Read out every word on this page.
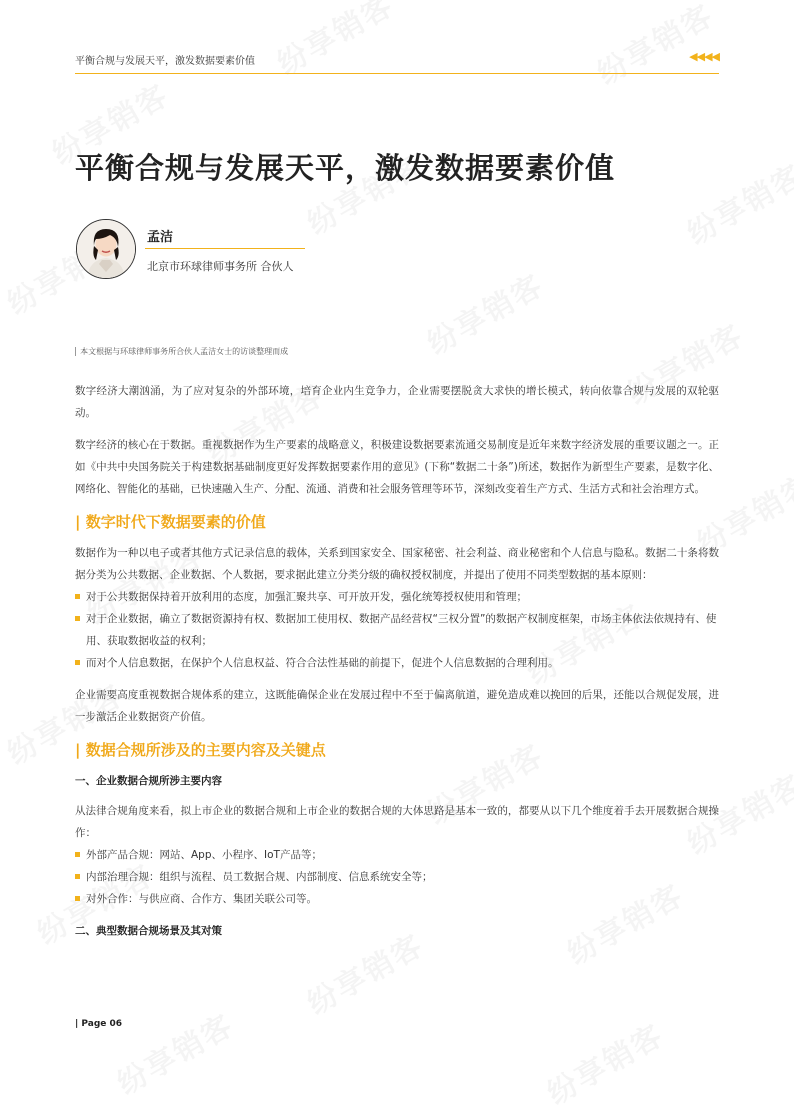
平衡合规与发展天平，激发数据要素价值	◀◀◀◀
平衡合规与发展天平，激发数据要素价值
孟洁
北京市环球律师事务所 合伙人
本文根据与环球律师事务所合伙人孟洁女士的访谈整理而成

数字经济大潮汹涌，为了应对复杂的外部环境，培育企业内生竞争力，企业需要摆脱贪大求快的增长模式，转向依靠合规与发展的双轮驱动。

数字经济的核心在于数据。重视数据作为生产要素的战略意义，积极建设数据要素流通交易制度是近年来数字经济发展的重要议题之一。正如《中共中央国务院关于构建数据基础制度更好发挥数据要素作用的意见》(下称“数据二十条”)所述，数据作为新型生产要素，是数字化、网络化、智能化的基础，已快速融入生产、分配、流通、消费和社会服务管理等环节，深刻改变着生产方式、生活方式和社会治理方式。

| 数字时代下数据要素的价值

数据作为一种以电子或者其他方式记录信息的载体，关系到国家安全、国家秘密、社会利益、商业秘密和个人信息与隐私。数据二十条将数据分类为公共数据、企业数据、个人数据，要求据此建立分类分级的确权授权制度，并提出了使用不同类型数据的基本原则：

对于公共数据保持着开放利用的态度，加强汇聚共享、可开放开发，强化统筹授权使用和管理；
对于企业数据，确立了数据资源持有权、数据加工使用权、数据产品经营权“三权分置”的数据产权制度框架，市场主体依法依规持有、使用、获取数据收益的权利；
而对个人信息数据，在保护个人信息权益、符合合法性基础的前提下，促进个人信息数据的合理利用。

企业需要高度重视数据合规体系的建立，这既能确保企业在发展过程中不至于偏离航道，避免造成难以挽回的后果，还能以合规促发展，进一步激活企业数据资产价值。

| 数据合规所涉及的主要内容及关键点
一、企业数据合规所涉主要内容

从法律合规角度来看，拟上市企业的数据合规和上市企业的数据合规的大体思路是基本一致的，都要从以下几个维度着手去开展数据合规操作：

外部产品合规：网站、App、小程序、IoT产品等；
内部治理合规：组织与流程、员工数据合规、内部制度、信息系统安全等；
对外合作：与供应商、合作方、集团关联公司等。
二、典型数据合规场景及其对策
| Page 06
